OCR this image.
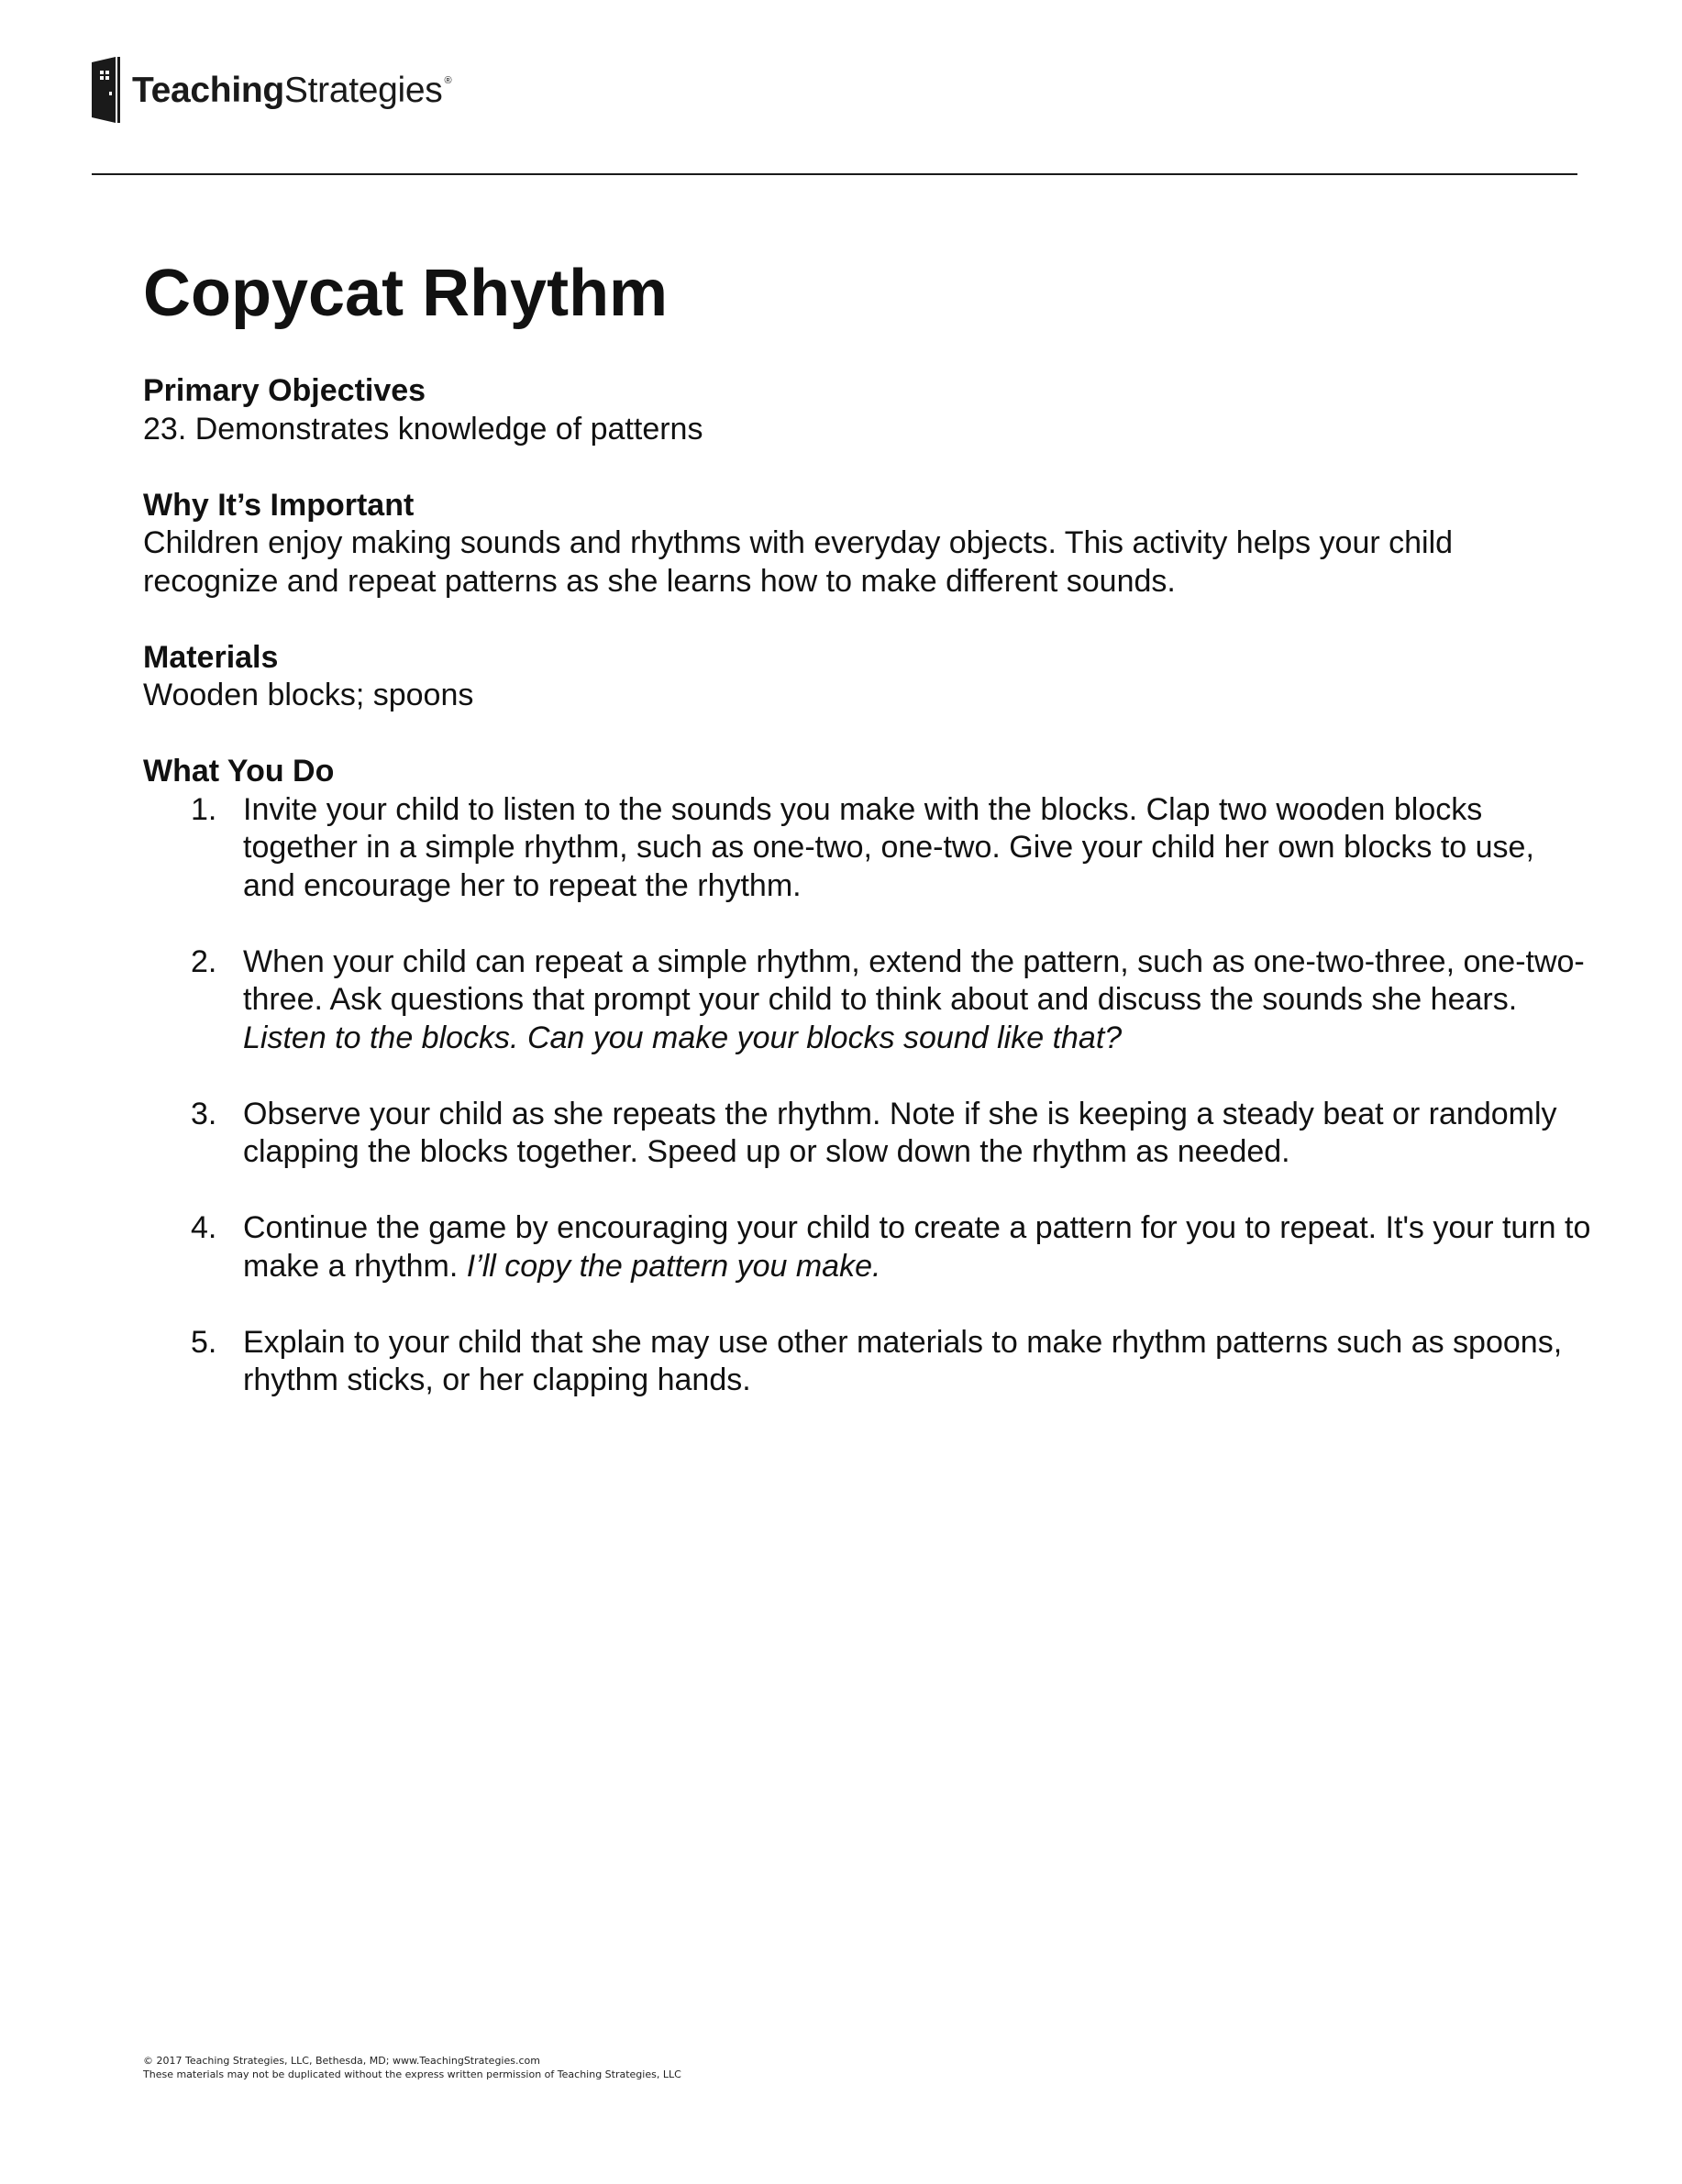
TeachingStrategies ®
Copycat Rhythm

Primary Objectives

23. Demonstrates knowledge of patterns

Why It’s Important

Children enjoy making sounds and rhythms with everyday objects. This activity helps your child recognize and repeat patterns as she learns how to make different sounds.

Materials

Wooden blocks; spoons

What You Do

1. Invite your child to listen to the sounds you make with the blocks. Clap two wooden blocks together in a simple rhythm, such as one-two, one-two. Give your child her own blocks to use, and encourage her to repeat the rhythm.
2. When your child can repeat a simple rhythm, extend the pattern, such as one-two-three, one-two-three. Ask questions that prompt your child to think about and discuss the sounds she hears. Listen to the blocks. Can you make your blocks sound like that?
3. Observe your child as she repeats the rhythm. Note if she is keeping a steady beat or randomly clapping the blocks together. Speed up or slow down the rhythm as needed.
4. Continue the game by encouraging your child to create a pattern for you to repeat. It's your turn to make a rhythm. I’ll copy the pattern you make.
5. Explain to your child that she may use other materials to make rhythm patterns such as spoons, rhythm sticks, or her clapping hands.
© 2017 Teaching Strategies, LLC, Bethesda, MD; www.TeachingStrategies.com
These materials may not be duplicated without the express written permission of Teaching Strategies, LLC
